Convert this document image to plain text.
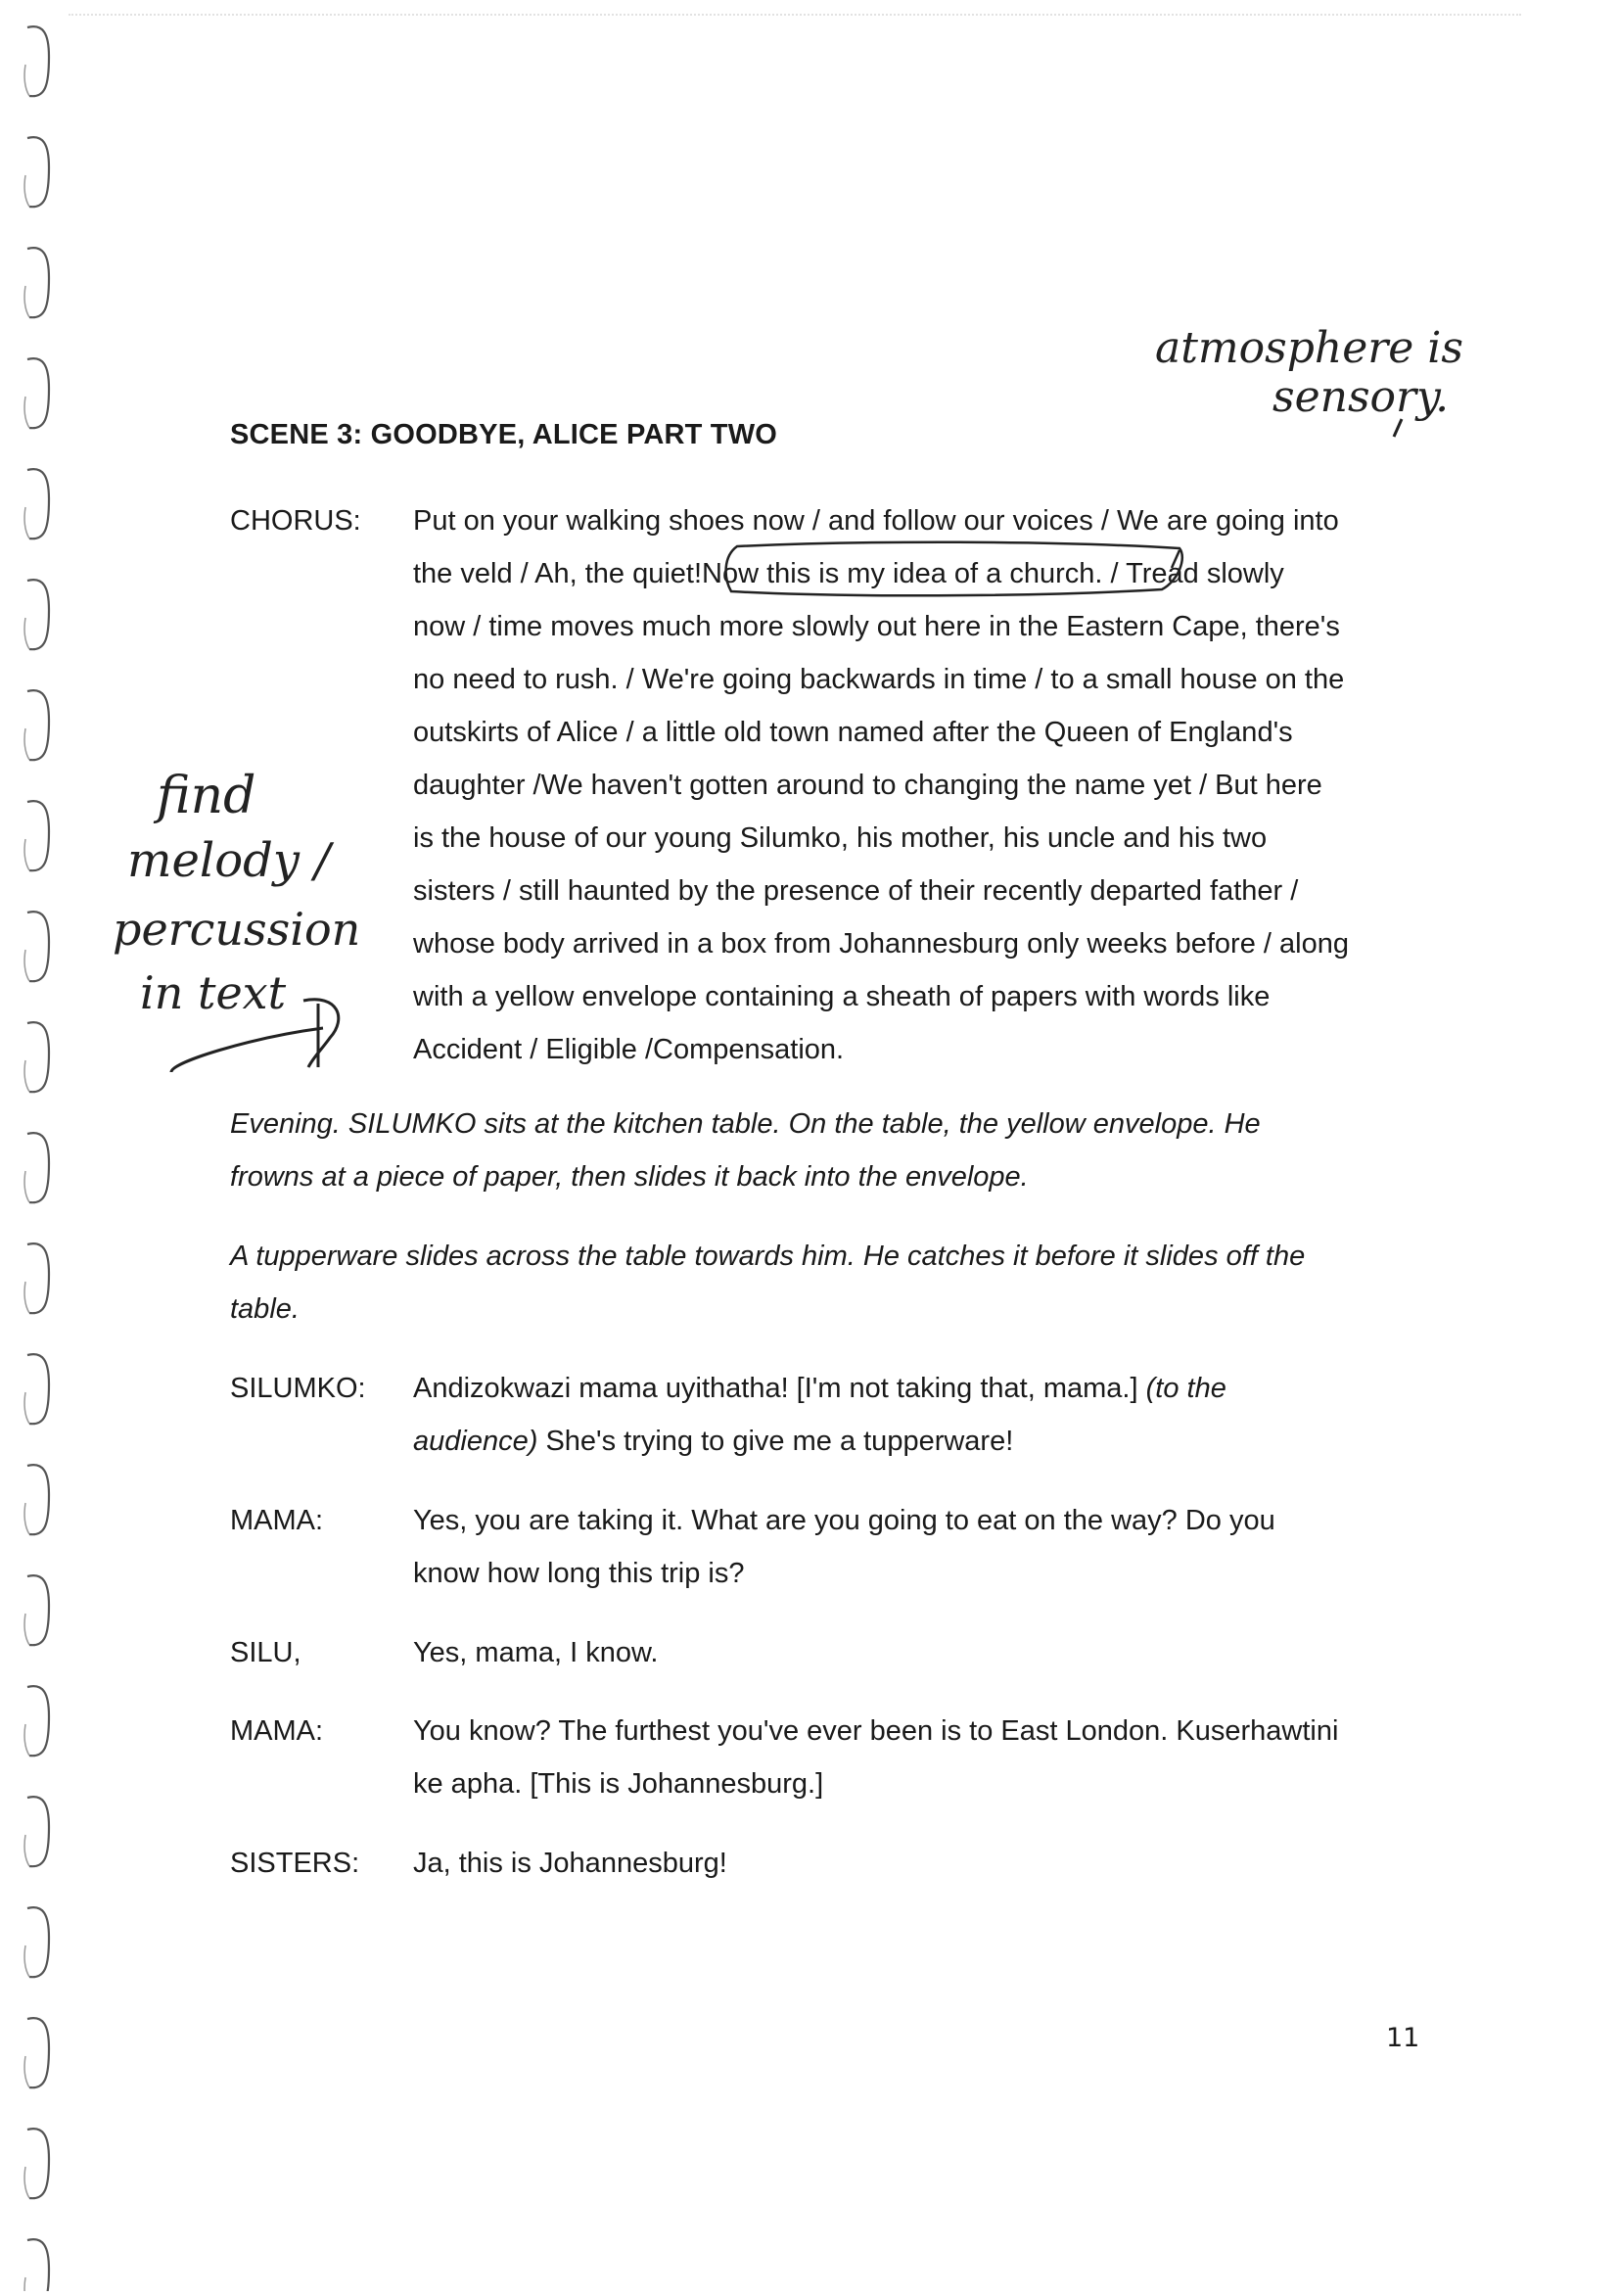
atmosphere is
sensory.
find
melody /
percussion
in text
SCENE 3: GOODBYE, ALICE PART TWO
CHORUS: Put on your walking shoes now / and follow our voices / We are going into
the veld / Ah, the quiet!Now this is my idea of a church. / Tread slowly
now / time moves much more slowly out here in the Eastern Cape, there's
no need to rush. / We're going backwards in time / to a small house on the
outskirts of Alice / a little old town named after the Queen of England's
daughter /We haven't gotten around to changing the name yet / But here
is the house of our young Silumko, his mother, his uncle and his two
sisters / still haunted by the presence of their recently departed father /
whose body arrived in a box from Johannesburg only weeks before / along
with a yellow envelope containing a sheath of papers with words like
Accident / Eligible /Compensation.
Evening. SILUMKO sits at the kitchen table. On the table, the yellow envelope. He
frowns at a piece of paper, then slides it back into the envelope.
A tupperware slides across the table towards him. He catches it before it slides off the
table.
SILUMKO: Andizokwazi mama uyithatha! [I'm not taking that, mama.] (to the
audience) She's trying to give me a tupperware!
MAMA:	Yes, you are taking it. What are you going to eat on the way? Do you
know how long this trip is?
SILU,	Yes, mama, I know.
MAMA:	You know? The furthest you've ever been is to East London. Kuserhawtini
ke apha. [This is Johannesburg.]
SISTERS: Ja, this is Johannesburg!
11
